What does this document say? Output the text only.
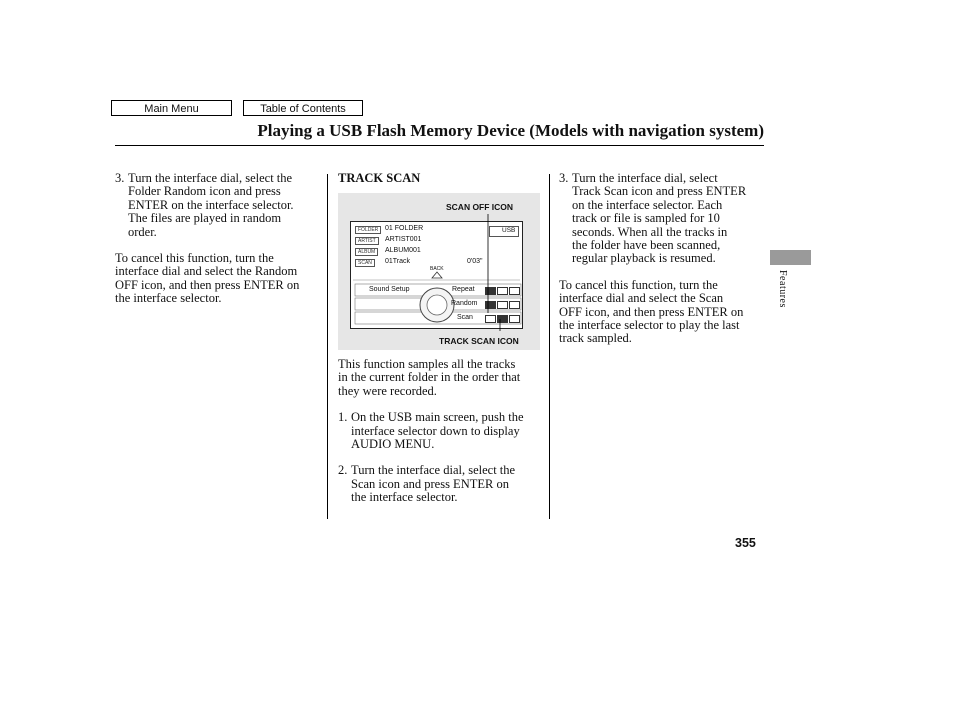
Main Menu	Table of Contents
Playing a USB Flash Memory Device (Models with navigation system)
3. Turn the interface dial, select the

Folder Random icon and press

ENTER on the interface selector.

The files are played in random

order.

To cancel this function, turn the

interface dial and select the Random

OFF icon, and then press ENTER on

the interface selector.

TRACK SCAN

SCAN OFF ICON
TRACK SCAN ICON
FOLDER 01 FOLDER
ARTIST	ARTIST001
ALBUM	ALBUM001
SCAN	01Track	0'03"
USB
BACK
Sound Setup	Repeat
Random
Scan

This function samples all the tracks

in the current folder in the order that

they were recorded.

1. On the USB main screen, push the

interface selector down to display

AUDIO MENU.

2. Turn the interface dial, select the

Scan icon and press ENTER on

the interface selector.

3. Turn the interface dial, select

Track Scan icon and press ENTER

on the interface selector. Each

track or file is sampled for 10

seconds. When all the tracks in

the folder have been scanned,

regular playback is resumed.

To cancel this function, turn the

interface dial and select the Scan

OFF icon, and then press ENTER on

the interface selector to play the last

track sampled.

Features
355
